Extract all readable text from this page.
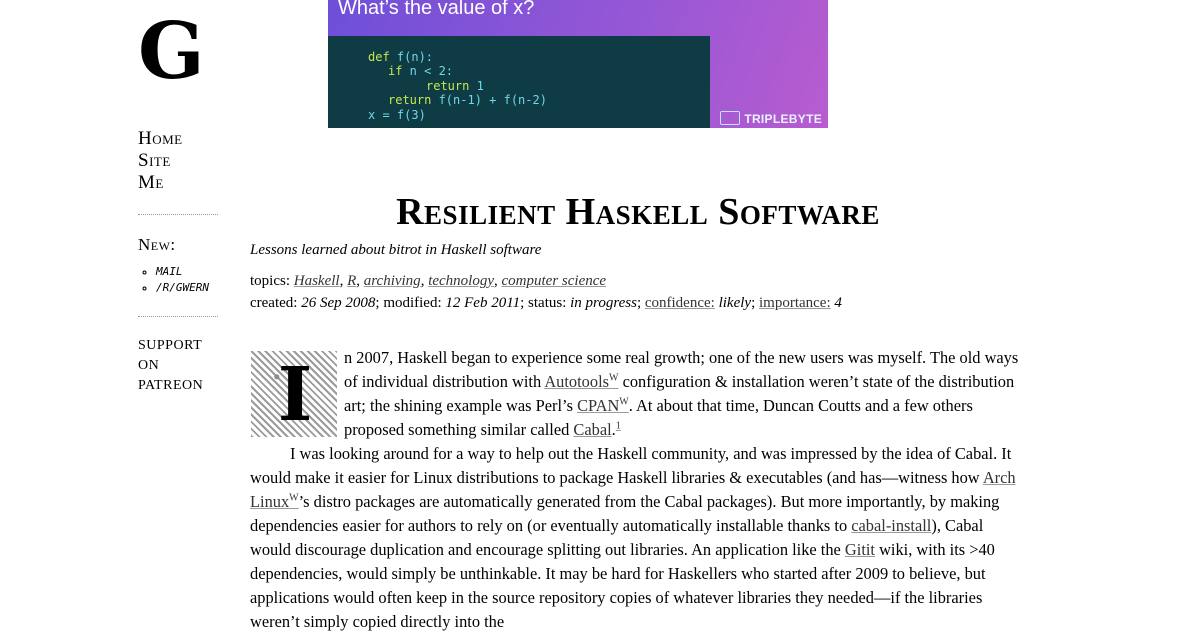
G
Home
Site
Me
New:
◦ MAIL
◦ /R/GWERN
SUPPORT ON
PATREON
What’s the value of x?
def f(n):
if n < 2:
return 1
return f(n-1) + f(n-2)
x = f(3)	TRIPLEBYTE
Resilient Haskell Software
Lessons learned about bitrot in Haskell software
topics: Haskell, R, archiving, technology, computer science
created: 26 Sep 2008; modified: 12 Feb 2011; status: in progress; confidence: likely; importance: 4

I	n 2007, Haskell began to experience some real growth; one of the new users was myself. The old ways of individual distribution with Autotools$^W$ configuration & installation weren’t state of the distribution art; the shining example was Perl’s CPAN$^W$. At about that time, Duncan Coutts and a few others proposed something similar called Cabal.$^1$

I was looking around for a way to help out the Haskell community, and was impressed by the idea of Cabal. It would make it easier for Linux distributions to package Haskell libraries & executables (and has—witness how Arch Linux$^W$’s distro packages are automatically generated from the Cabal packages). But more importantly, by making dependencies easier for authors to rely on (or eventually automatically installable thanks to cabal-install), Cabal would discourage duplication and encourage splitting out libraries. An application like the Gitit wiki, with its >40 dependencies, would simply be unthinkable. It may be hard for Haskellers who started after 2009 to believe, but applications would often keep in the source repository copies of whatever libraries they needed—if the libraries weren’t simply copied directly into the
